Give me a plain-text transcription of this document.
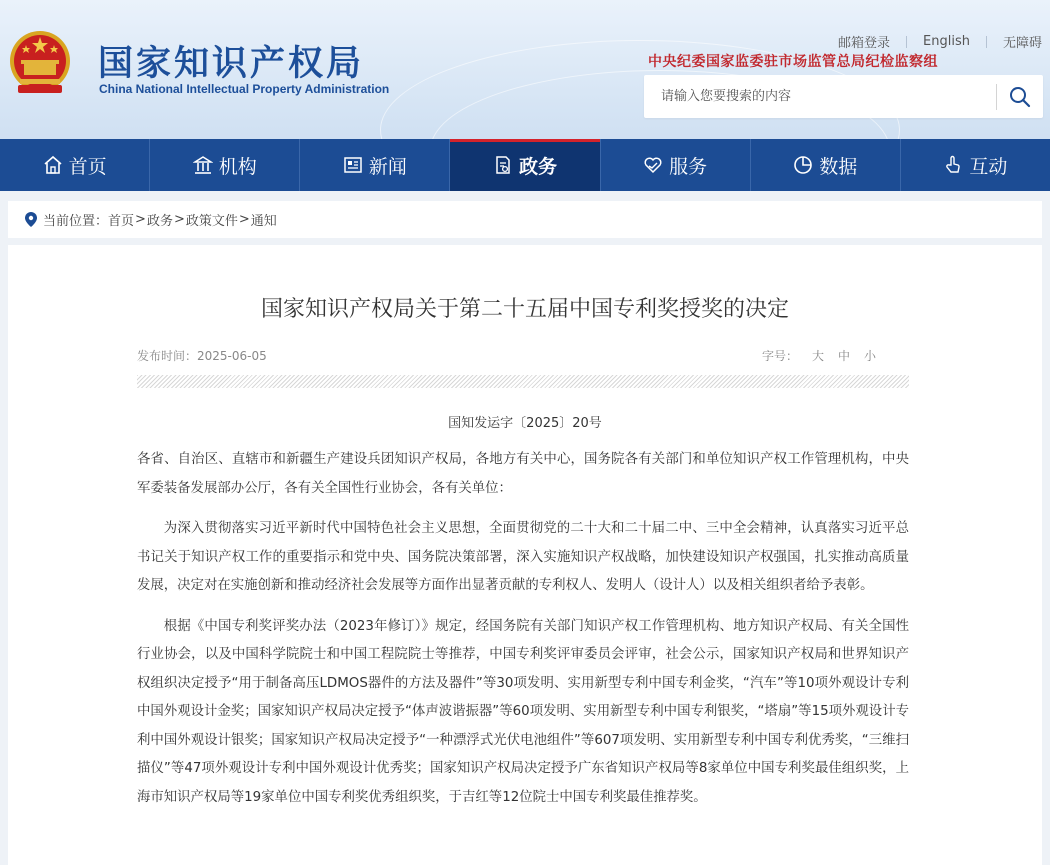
国家知识产权局
China National Intellectual Property Administration
邮箱登录	English	无障碍
中央纪委国家监委驻市场监管总局纪检监察组
请输入您要搜索的内容
首页	机构	新闻	政务	服务	数据	互动
当前位置： 首页 > 政务 > 政策文件 > 通知
国家知识产权局关于第二十五届中国专利奖授奖的决定
发布时间：2025-06-05	字号： 大 中 小
国知发运字〔2025〕20号

各省、自治区、直辖市和新疆生产建设兵团知识产权局，各地方有关中心，国务院各有关部门和单位知识产权工作管理机构，中央军委装备发展部办公厅，各有关全国性行业协会，各有关单位：

为深入贯彻落实习近平新时代中国特色社会主义思想，全面贯彻党的二十大和二十届二中、三中全会精神，认真落实习近平总书记关于知识产权工作的重要指示和党中央、国务院决策部署，深入实施知识产权战略，加快建设知识产权强国，扎实推动高质量发展，决定对在实施创新和推动经济社会发展等方面作出显著贡献的专利权人、发明人（设计人）以及相关组织者给予表彰。

根据《中国专利奖评奖办法（2023年修订）》规定，经国务院有关部门知识产权工作管理机构、地方知识产权局、有关全国性行业协会，以及中国科学院院士和中国工程院院士等推荐，中国专利奖评审委员会评审，社会公示，国家知识产权局和世界知识产权组织决定授予“用于制备高压LDMOS器件的方法及器件”等30项发明、实用新型专利中国专利金奖，“汽车”等10项外观设计专利中国外观设计金奖；国家知识产权局决定授予“体声波谐振器”等60项发明、实用新型专利中国专利银奖，“塔扇”等15项外观设计专利中国外观设计银奖；国家知识产权局决定授予“一种漂浮式光伏电池组件”等607项发明、实用新型专利中国专利优秀奖，“三维扫描仪”等47项外观设计专利中国外观设计优秀奖；国家知识产权局决定授予广东省知识产权局等8家单位中国专利奖最佳组织奖，上海市知识产权局等19家单位中国专利奖优秀组织奖，于吉红等12位院士中国专利奖最佳推荐奖。
